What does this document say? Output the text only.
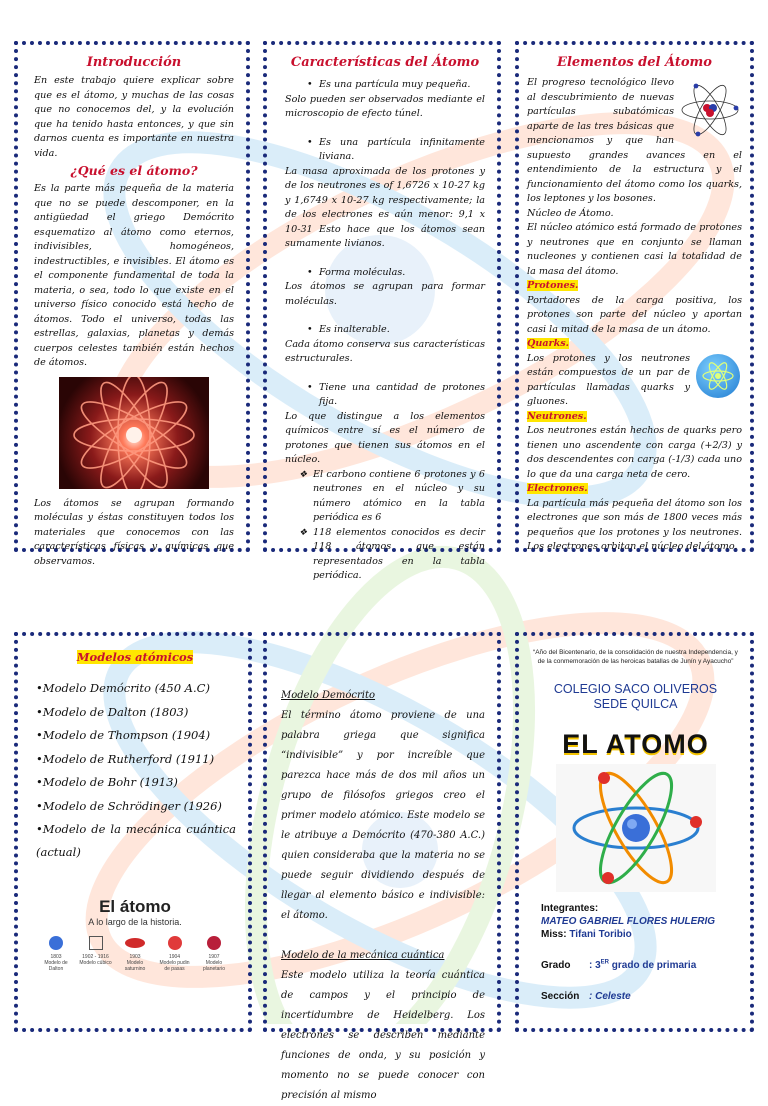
Introducción

En este trabajo quiere explicar sobre que es el átomo, y muchas de las cosas que no conocemos del, y la evolución que ha tenido hasta entonces, y que sin darnos cuenta es importante en nuestra vida.

¿Qué es el átomo?

Es la parte más pequeña de la materia que no se puede descomponer, en la antigüedad el griego Demócrito esquematizo al átomo como eternos, indivisibles, homogéneos, indestructibles, e invisibles. El átomo es el componente fundamental de toda la materia, o sea, todo lo que existe en el universo físico conocido está hecho de átomos. Todo el universo, todas las estrellas, galaxias, planetas y demás cuerpos celestes también están hechos de átomos.

Los átomos se agrupan formando moléculas y éstas constituyen todos los materiales que conocemos con las características físicas y químicas que observamos.

Características del Átomo

• Es una partícula muy pequeña.

Solo pueden ser observados mediante el microscopio de efecto túnel.

• Es una partícula infinitamente liviana.

La masa aproximada de los protones y de los neutrones es of 1,6726 x 10-27 kg y 1,6749 x 10-27 kg respectivamente; la de los electrones es aún menor: 9,1 x 10-31 Esto hace que los átomos sean sumamente livianos.

• Forma moléculas.

Los átomos se agrupan para formar moléculas.

• Es inalterable.

Cada átomo conserva sus características estructurales.

• Tiene una cantidad de protones fija.

Lo que distingue a los elementos químicos entre sí es el número de protones que tienen sus átomos en el núcleo.

❖ El carbono contiene 6 protones y 6 neutrones en el núcleo y su número atómico en la tabla periódica es 6

❖ 118 elementos conocidos es decir 118 átomos que están representados en la tabla periódica.

Elementos del Átomo

El progreso tecnológico llevo al descubrimiento de nuevas partículas subatómicas aparte de las tres básicas que mencionamos y que han supuesto grandes avances en el entendimiento de la estructura y el funcionamiento del átomo como los quarks, los leptones y los bosones.

Núcleo de Átomo.

El núcleo atómico está formado de protones y neutrones que en conjunto se llaman nucleones y contienen casi la totalidad de la masa del átomo.

Protones.

Portadores de la carga positiva, los protones son parte del núcleo y aportan casi la mitad de la masa de un átomo.

Quarks.

Los protones y los neutrones están compuestos de un par de partículas llamadas quarks y gluones.

Neutrones.

Los neutrones están hechos de quarks pero tienen uno ascendente con carga (+2/3) y dos descendentes con carga (-1/3) cada uno lo que da una carga neta de cero.

Electrones.

La partícula más pequeña del átomo son los electrones que son más de 1800 veces más pequeños que los protones y los neutrones. Los electrones orbitan el núcleo del átomo.

Modelos atómicos

•Modelo Demócrito (450 A.C)

•Modelo de Dalton (1803)

•Modelo de Thompson (1904)

•Modelo de Rutherford (1911)

•Modelo de Bohr (1913)

•Modelo de Schrödinger (1926)

•Modelo de la mecánica cuántica (actual)

El átomo
A lo largo de la historia.
1803
Modelo de Dalton
1902 - 1916
Modelo cúbico
1903
Modelo saturnino
1904
Modelo pudin de pasas
1907
Modelo planetario

Modelo Demócrito

El término átomo proviene de una palabra griega que significa “indivisible” y por increíble que parezca hace más de dos mil años un grupo de filósofos griegos creo el primer modelo atómico. Este modelo se le atribuye a Demócrito (470-380 A.C.) quien consideraba que la materia no se puede seguir dividiendo después de llegar al elemento básico e indivisible: el átomo.

Modelo de la mecánica cuántica

Este modelo utiliza la teoría cuántica de campos y el principio de incertidumbre de Heidelberg. Los electrones se describen mediante funciones de onda, y su posición y momento no se puede conocer con precisión al mismo

“Año del Bicentenario, de la consolidación de nuestra Independencia, y de la conmemoración de las heroicas batallas de Junín y Ayacucho”

COLEGIO SACO OLIVEROS

SEDE QUILCA

EL ATOMO

Integrantes:

MATEO GABRIEL FLORES HULERIG

Miss: Tifani Toribio

Grado : 3ER grado de primaria

Sección : Celeste
